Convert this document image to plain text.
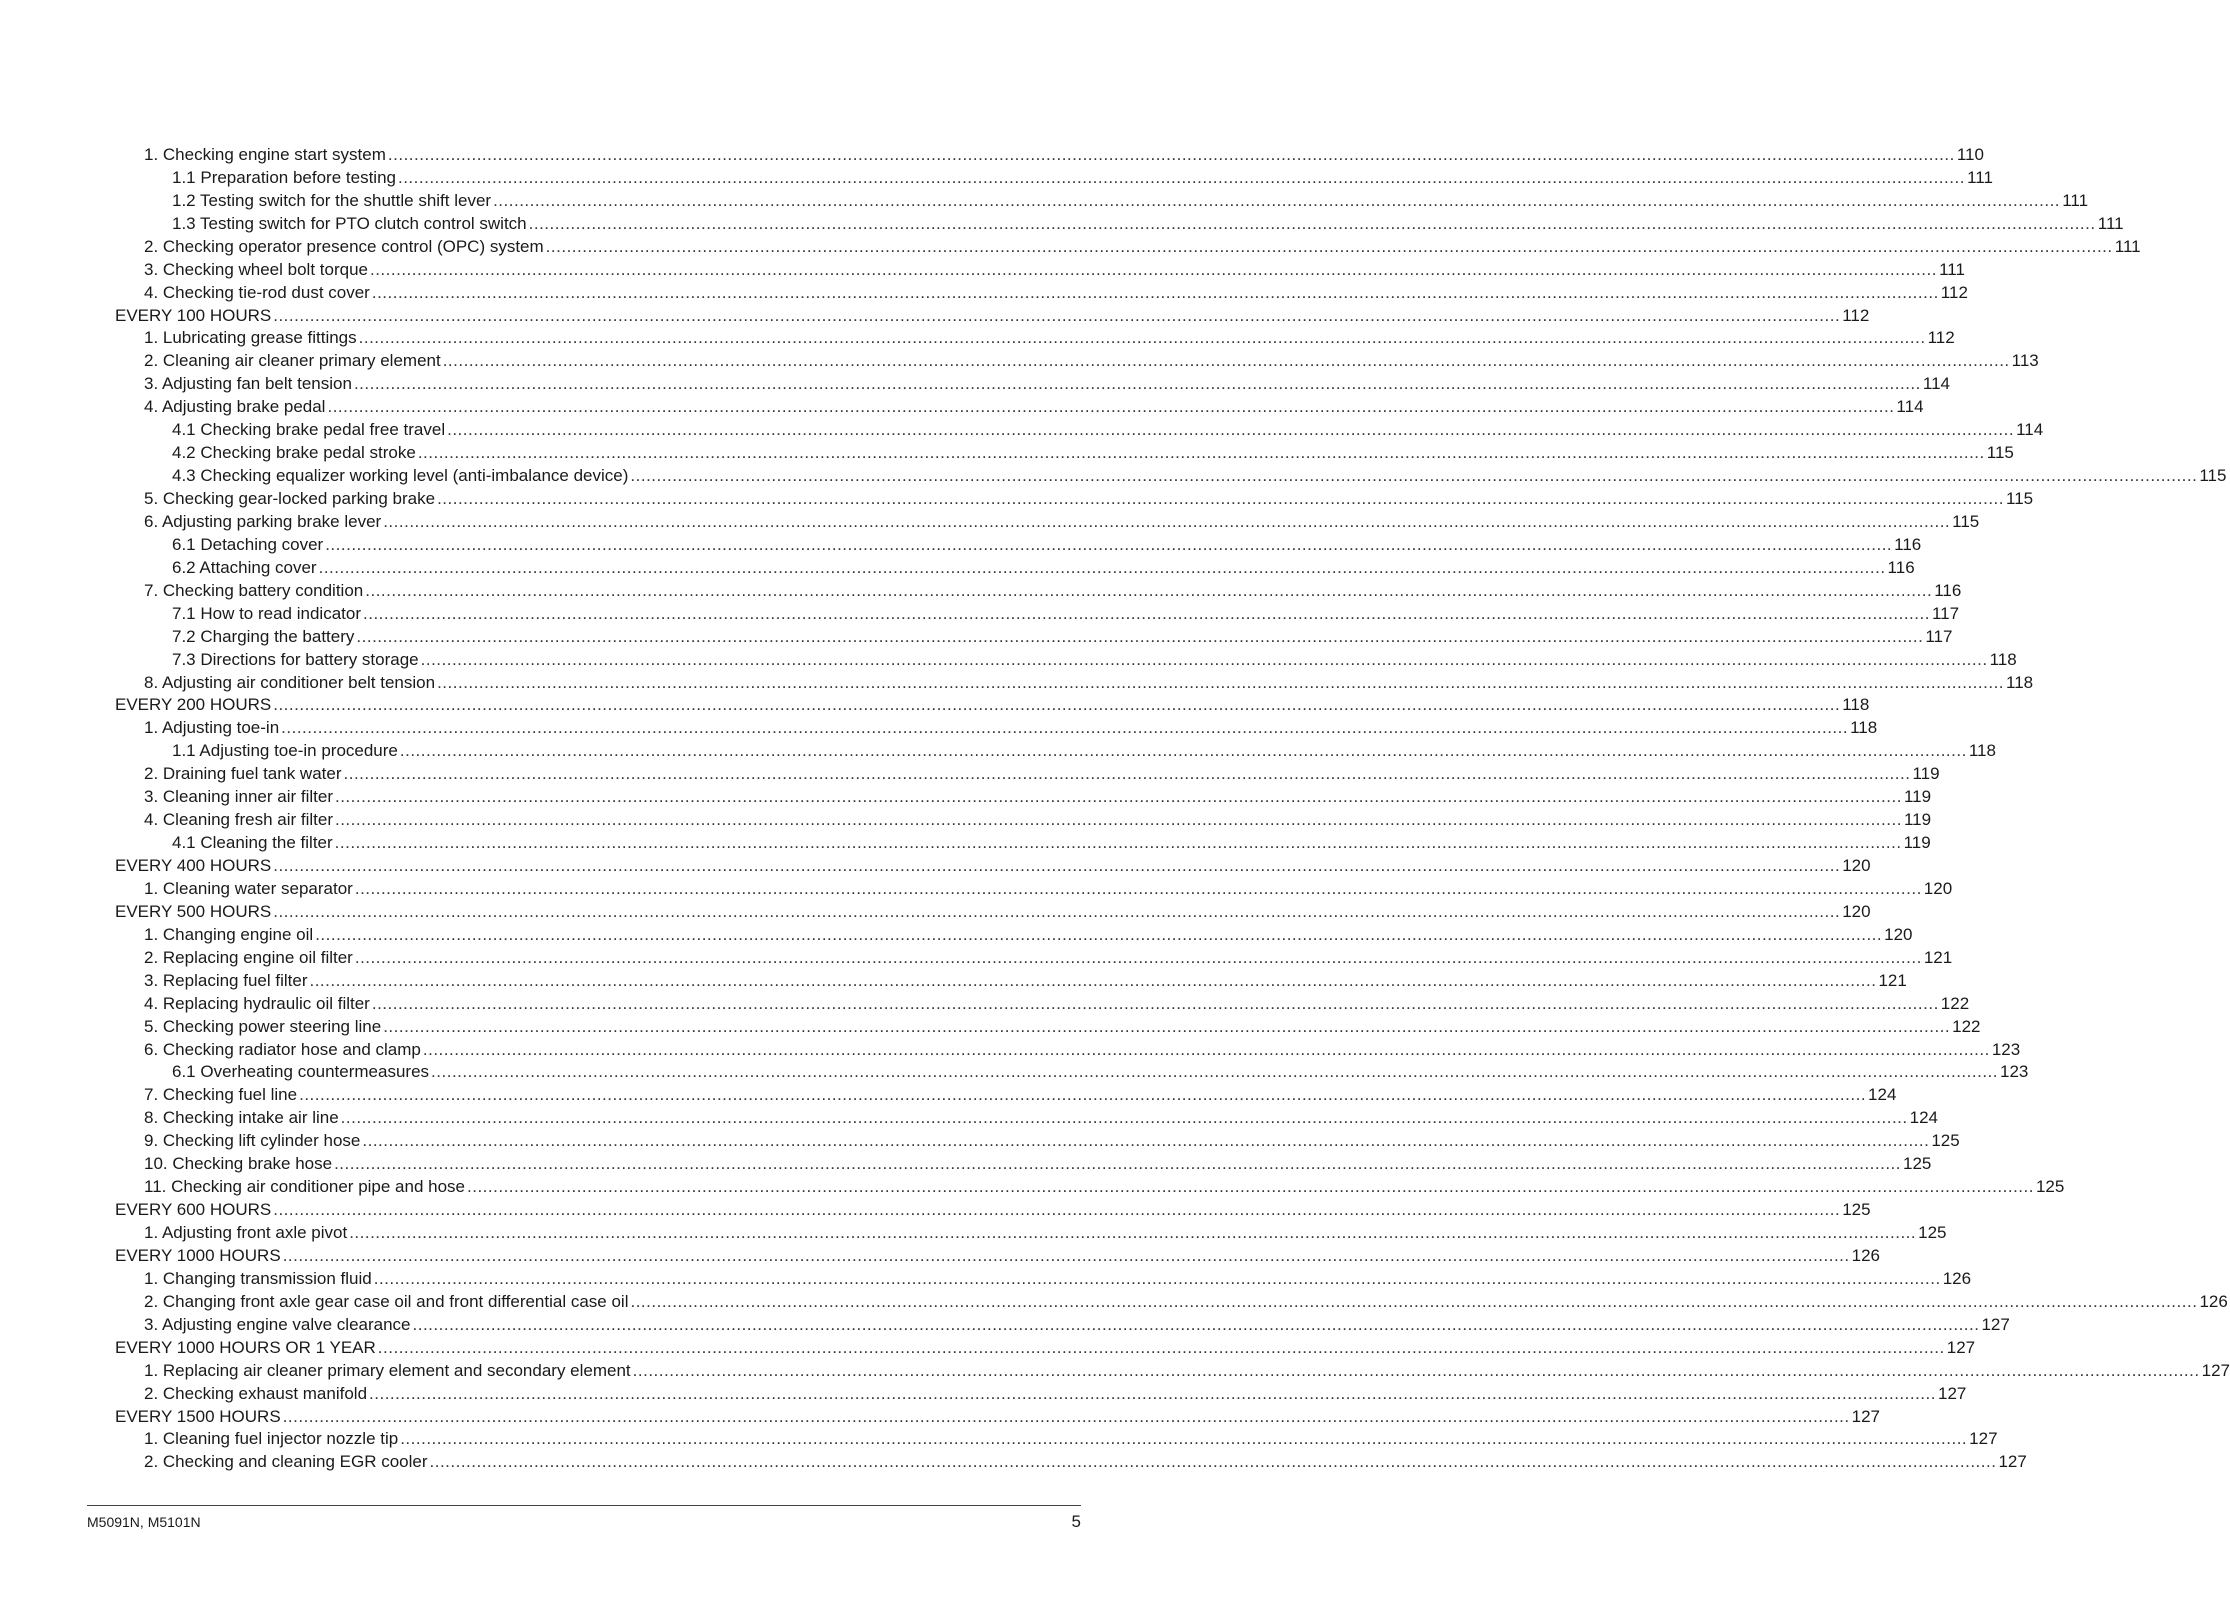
1. Checking engine start system ............................................................................................................................................................................................................................................................................................................ 110
1.1 Preparation before testing ............................................................................................................................................................................................................................................................................................................ 111
1.2 Testing switch for the shuttle shift lever ............................................................................................................................................................................................................................................................................................................ 111
1.3 Testing switch for PTO clutch control switch ............................................................................................................................................................................................................................................................................................................ 111
2. Checking operator presence control (OPC) system ............................................................................................................................................................................................................................................................................................................ 111
3. Checking wheel bolt torque ............................................................................................................................................................................................................................................................................................................ 111
4. Checking tie-rod dust cover ............................................................................................................................................................................................................................................................................................................ 112
EVERY 100 HOURS ............................................................................................................................................................................................................................................................................................................ 112
1. Lubricating grease fittings ............................................................................................................................................................................................................................................................................................................ 112
2. Cleaning air cleaner primary element ............................................................................................................................................................................................................................................................................................................ 113
3. Adjusting fan belt tension ............................................................................................................................................................................................................................................................................................................ 114
4. Adjusting brake pedal ............................................................................................................................................................................................................................................................................................................ 114
4.1 Checking brake pedal free travel ............................................................................................................................................................................................................................................................................................................ 114
4.2 Checking brake pedal stroke ............................................................................................................................................................................................................................................................................................................ 115
4.3 Checking equalizer working level (anti-imbalance device) ............................................................................................................................................................................................................................................................................................................ 115
5. Checking gear-locked parking brake ............................................................................................................................................................................................................................................................................................................ 115
6. Adjusting parking brake lever ............................................................................................................................................................................................................................................................................................................ 115
6.1 Detaching cover ............................................................................................................................................................................................................................................................................................................ 116
6.2 Attaching cover ............................................................................................................................................................................................................................................................................................................ 116
7. Checking battery condition ............................................................................................................................................................................................................................................................................................................ 116
7.1 How to read indicator ............................................................................................................................................................................................................................................................................................................ 117
7.2 Charging the battery ............................................................................................................................................................................................................................................................................................................ 117
7.3 Directions for battery storage ............................................................................................................................................................................................................................................................................................................ 118
8. Adjusting air conditioner belt tension ............................................................................................................................................................................................................................................................................................................ 118
EVERY 200 HOURS ............................................................................................................................................................................................................................................................................................................ 118
1. Adjusting toe-in ............................................................................................................................................................................................................................................................................................................ 118
1.1 Adjusting toe-in procedure ............................................................................................................................................................................................................................................................................................................ 118
2. Draining fuel tank water ............................................................................................................................................................................................................................................................................................................ 119
3. Cleaning inner air filter ............................................................................................................................................................................................................................................................................................................ 119
4. Cleaning fresh air filter ............................................................................................................................................................................................................................................................................................................ 119
4.1 Cleaning the filter ............................................................................................................................................................................................................................................................................................................ 119
EVERY 400 HOURS ............................................................................................................................................................................................................................................................................................................ 120
1. Cleaning water separator ............................................................................................................................................................................................................................................................................................................ 120
EVERY 500 HOURS ............................................................................................................................................................................................................................................................................................................ 120
1. Changing engine oil ............................................................................................................................................................................................................................................................................................................ 120
2. Replacing engine oil filter ............................................................................................................................................................................................................................................................................................................ 121
3. Replacing fuel filter ............................................................................................................................................................................................................................................................................................................ 121
4. Replacing hydraulic oil filter ............................................................................................................................................................................................................................................................................................................ 122
5. Checking power steering line ............................................................................................................................................................................................................................................................................................................ 122
6. Checking radiator hose and clamp ............................................................................................................................................................................................................................................................................................................ 123
6.1 Overheating countermeasures ............................................................................................................................................................................................................................................................................................................ 123
7. Checking fuel line ............................................................................................................................................................................................................................................................................................................ 124
8. Checking intake air line ............................................................................................................................................................................................................................................................................................................ 124
9. Checking lift cylinder hose ............................................................................................................................................................................................................................................................................................................ 125
10. Checking brake hose ............................................................................................................................................................................................................................................................................................................ 125
11. Checking air conditioner pipe and hose ............................................................................................................................................................................................................................................................................................................ 125
EVERY 600 HOURS ............................................................................................................................................................................................................................................................................................................ 125
1. Adjusting front axle pivot ............................................................................................................................................................................................................................................................................................................ 125
EVERY 1000 HOURS ............................................................................................................................................................................................................................................................................................................ 126
1. Changing transmission fluid ............................................................................................................................................................................................................................................................................................................ 126
2. Changing front axle gear case oil and front differential case oil ............................................................................................................................................................................................................................................................................................................ 126
3. Adjusting engine valve clearance ............................................................................................................................................................................................................................................................................................................ 127
EVERY 1000 HOURS OR 1 YEAR ............................................................................................................................................................................................................................................................................................................ 127
1. Replacing air cleaner primary element and secondary element ............................................................................................................................................................................................................................................................................................................ 127
2. Checking exhaust manifold ............................................................................................................................................................................................................................................................................................................ 127
EVERY 1500 HOURS ............................................................................................................................................................................................................................................................................................................ 127
1. Cleaning fuel injector nozzle tip ............................................................................................................................................................................................................................................................................................................ 127
2. Checking and cleaning EGR cooler ............................................................................................................................................................................................................................................................................................................ 127
M5091N, M5101N	5
